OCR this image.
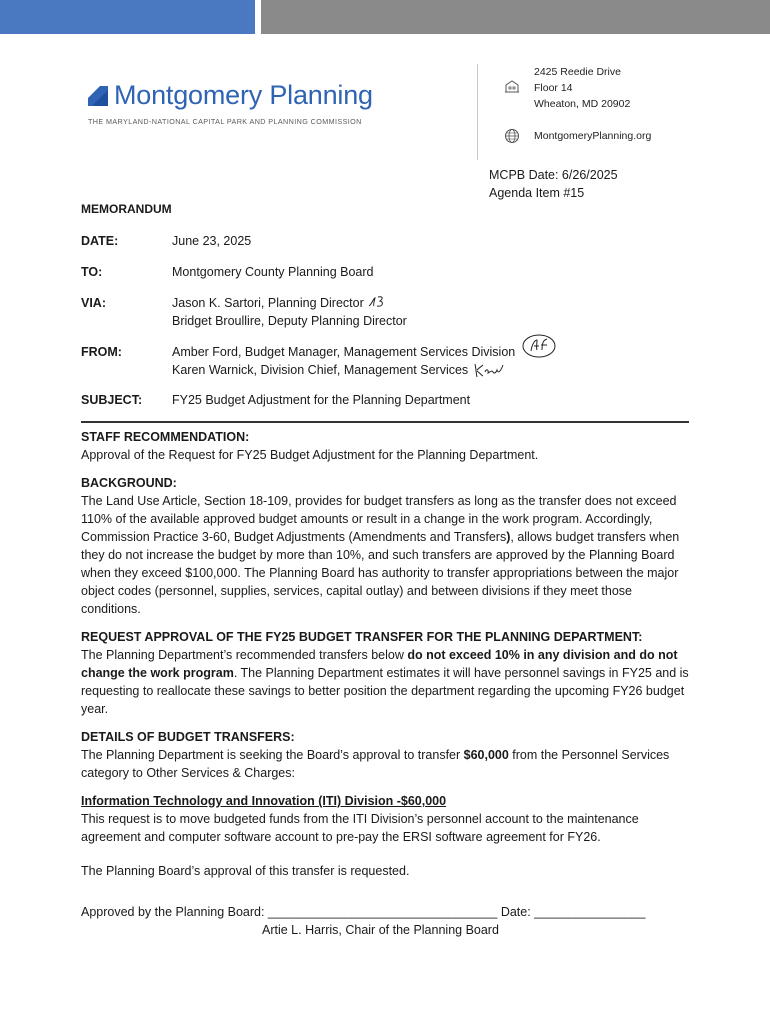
Montgomery Planning
THE MARYLAND-NATIONAL CAPITAL PARK AND PLANNING COMMISSION
2425 Reedie Drive
Floor 14
Wheaton, MD 20902
MontgomeryPlanning.org
MCPB Date: 6/26/2025
Agenda Item #15
MEMORANDUM
DATE:	June 23, 2025
TO:	Montgomery County Planning Board
VIA:	Jason K. Sartori, Planning Director
Bridget Broullire, Deputy Planning Director
FROM:	Amber Ford, Budget Manager, Management Services Division
Karen Warnick, Division Chief, Management Services
SUBJECT:	FY25 Budget Adjustment for the Planning Department
STAFF RECOMMENDATION:

Approval of the Request for FY25 Budget Adjustment for the Planning Department.

BACKGROUND:

The Land Use Article, Section 18-109, provides for budget transfers as long as the transfer does not exceed 110% of the available approved budget amounts or result in a change in the work program. Accordingly, Commission Practice 3-60, Budget Adjustments (Amendments and Transfers), allows budget transfers when they do not increase the budget by more than 10%, and such transfers are approved by the Planning Board when they exceed $100,000. The Planning Board has authority to transfer appropriations between the major object codes (personnel, supplies, services, capital outlay) and between divisions if they meet those conditions.

REQUEST APPROVAL OF THE FY25 BUDGET TRANSFER FOR THE PLANNING DEPARTMENT:

The Planning Department’s recommended transfers below do not exceed 10% in any division and do not change the work program. The Planning Department estimates it will have personnel savings in FY25 and is requesting to reallocate these savings to better position the department regarding the upcoming FY26 budget year.

DETAILS OF BUDGET TRANSFERS:

The Planning Department is seeking the Board’s approval to transfer $60,000 from the Personnel Services category to Other Services & Charges:

Information Technology and Innovation (ITI) Division -$60,000

This request is to move budgeted funds from the ITI Division’s personnel account to the maintenance agreement and computer software account to pre-pay the ERSI software agreement for FY26.

The Planning Board’s approval of this transfer is requested.

Approved by the Planning Board: _________________________________ Date: ________________
Artie L. Harris, Chair of the Planning Board
